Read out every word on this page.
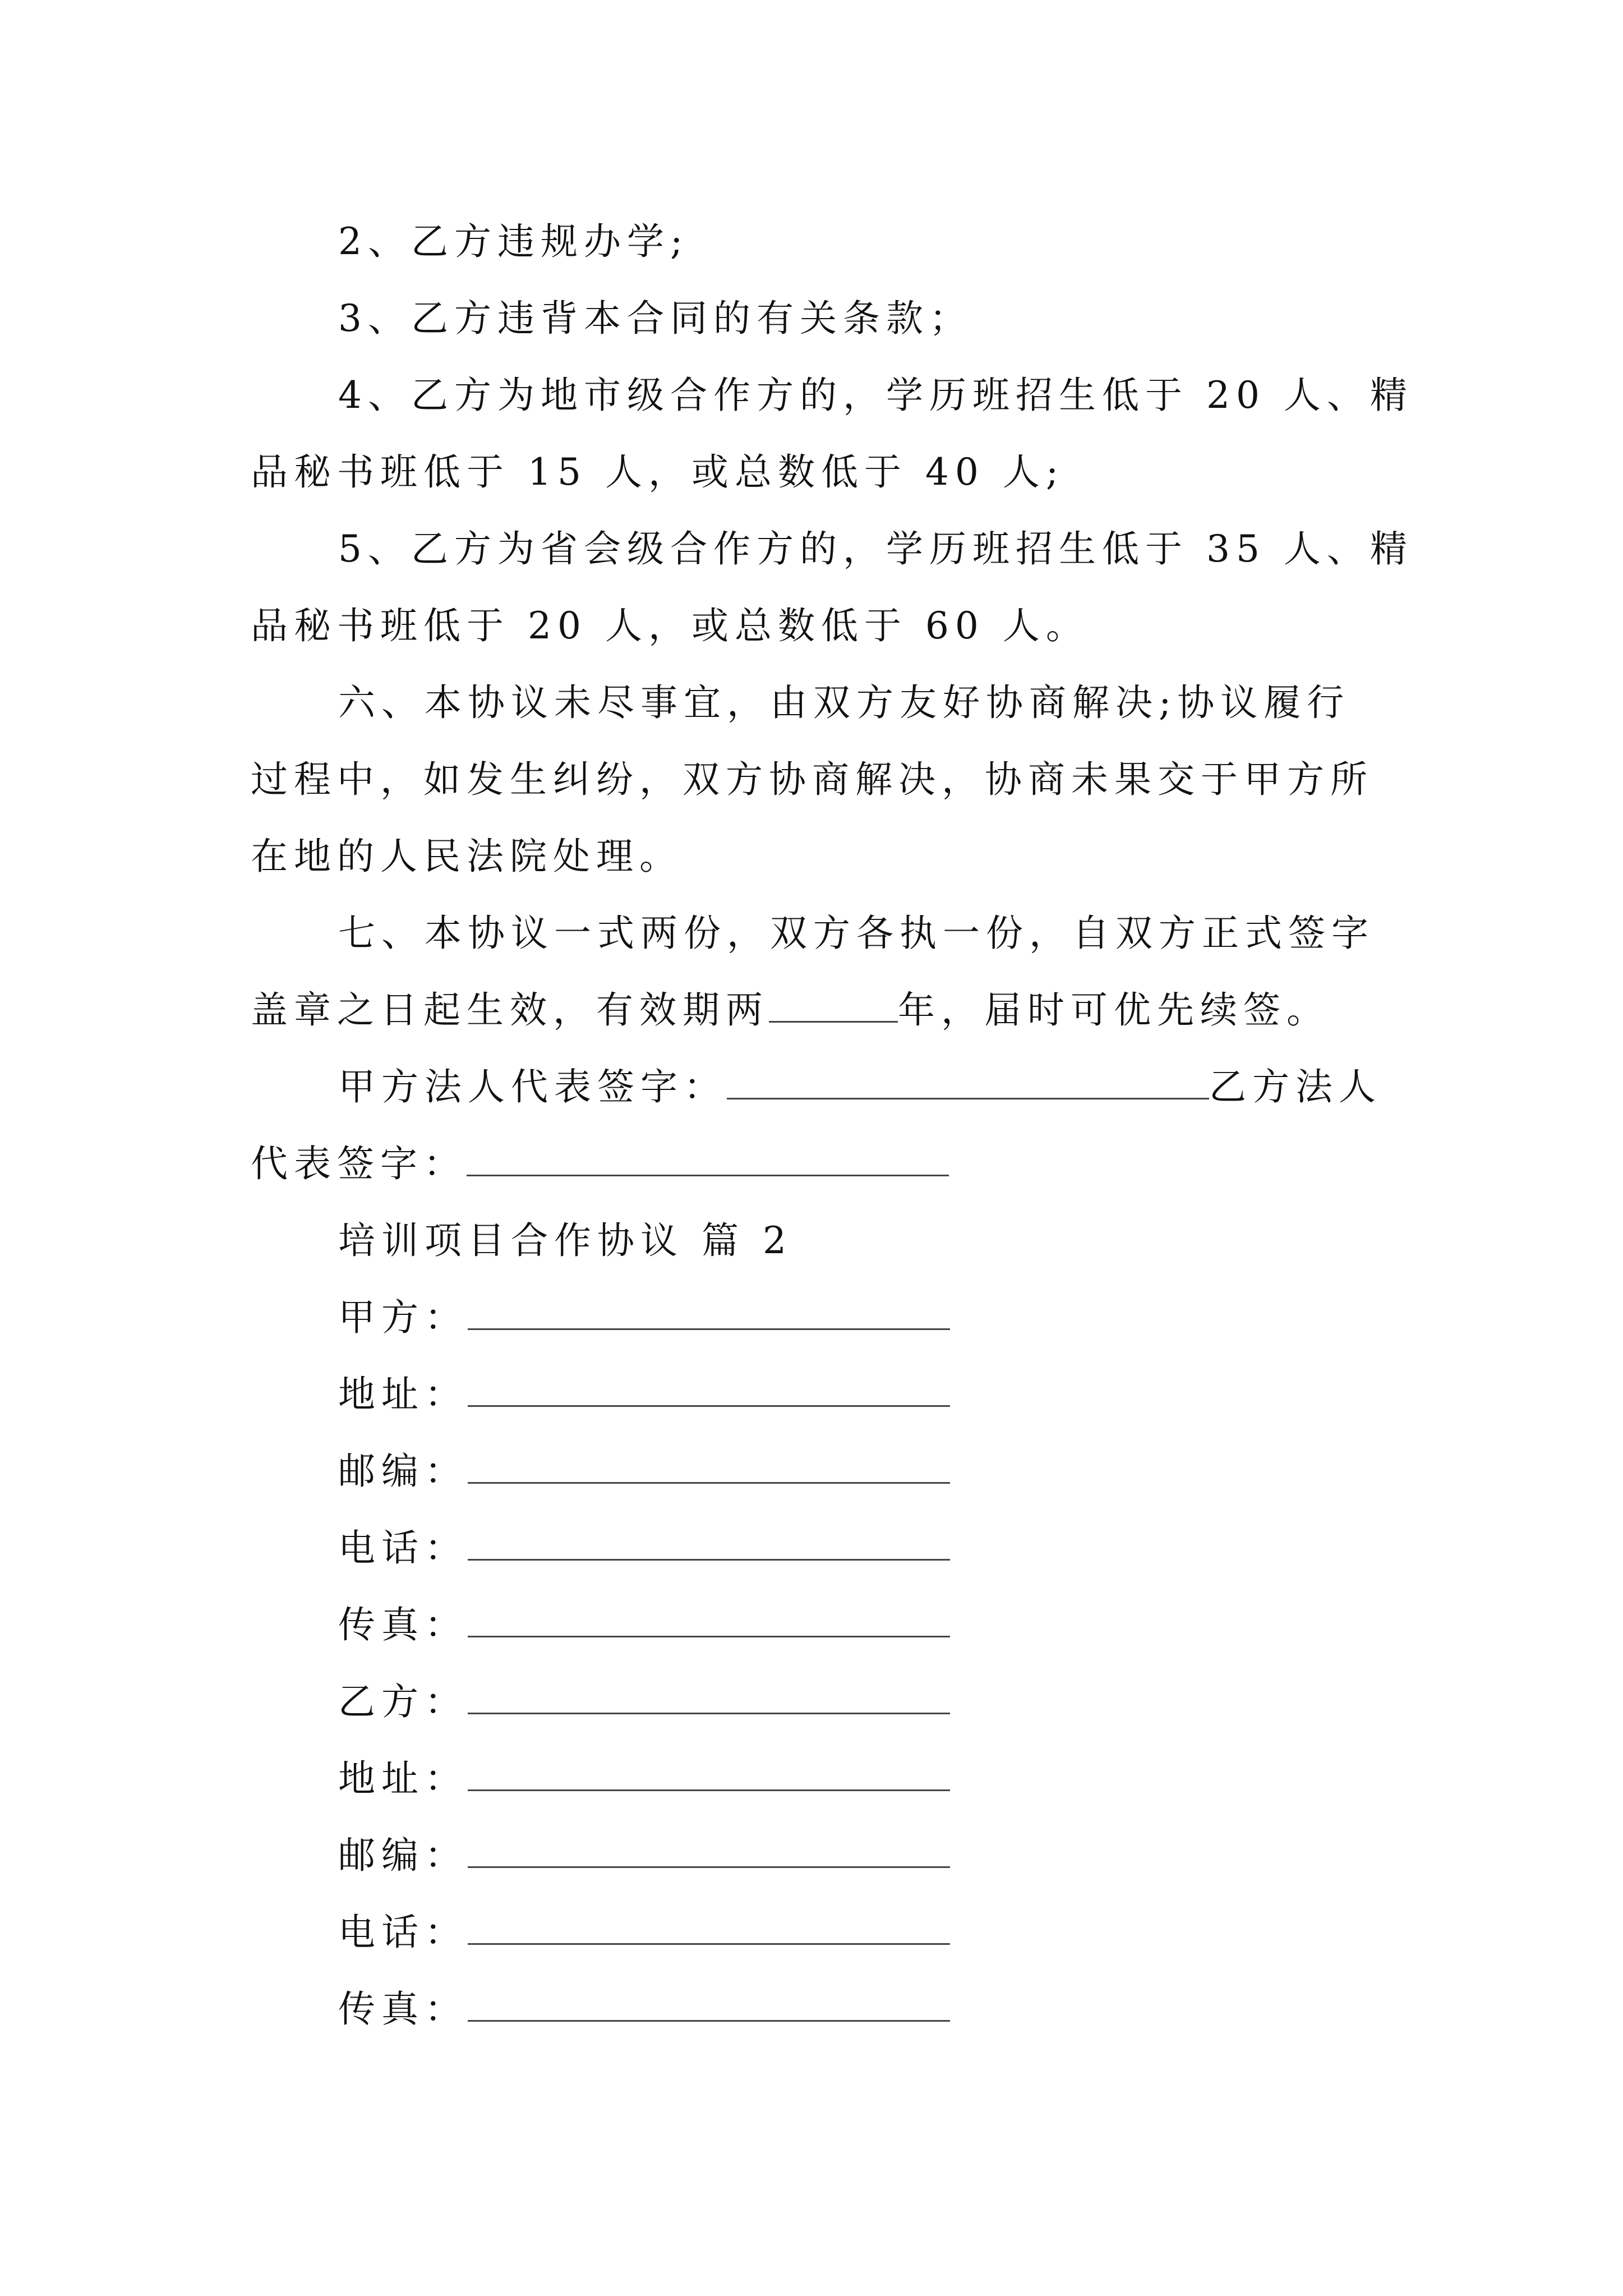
2、乙方违规办学;

3、乙方违背本合同的有关条款；

4、乙方为地市级合作方的，学历班招生低于 20 人、精

品秘书班低于 15 人，或总数低于 40 人;

5、乙方为省会级合作方的，学历班招生低于 35 人、精

品秘书班低于 20 人，或总数低于 60 人。

六、本协议未尽事宜，由双方友好协商解决;协议履行

过程中，如发生纠纷，双方协商解决，协商未果交于甲方所

在地的人民法院处理。

七、本协议一式两份，双方各执一份，自双方正式签字

盖章之日起生效，有效期两	年，届时可优先续签。

甲方法人代表签字：	乙方法人

代表签字：

培训项目合作协议 篇 2

甲方：

地址：

邮编：

电话：

传真：

乙方：

地址：

邮编：

电话：

传真：
